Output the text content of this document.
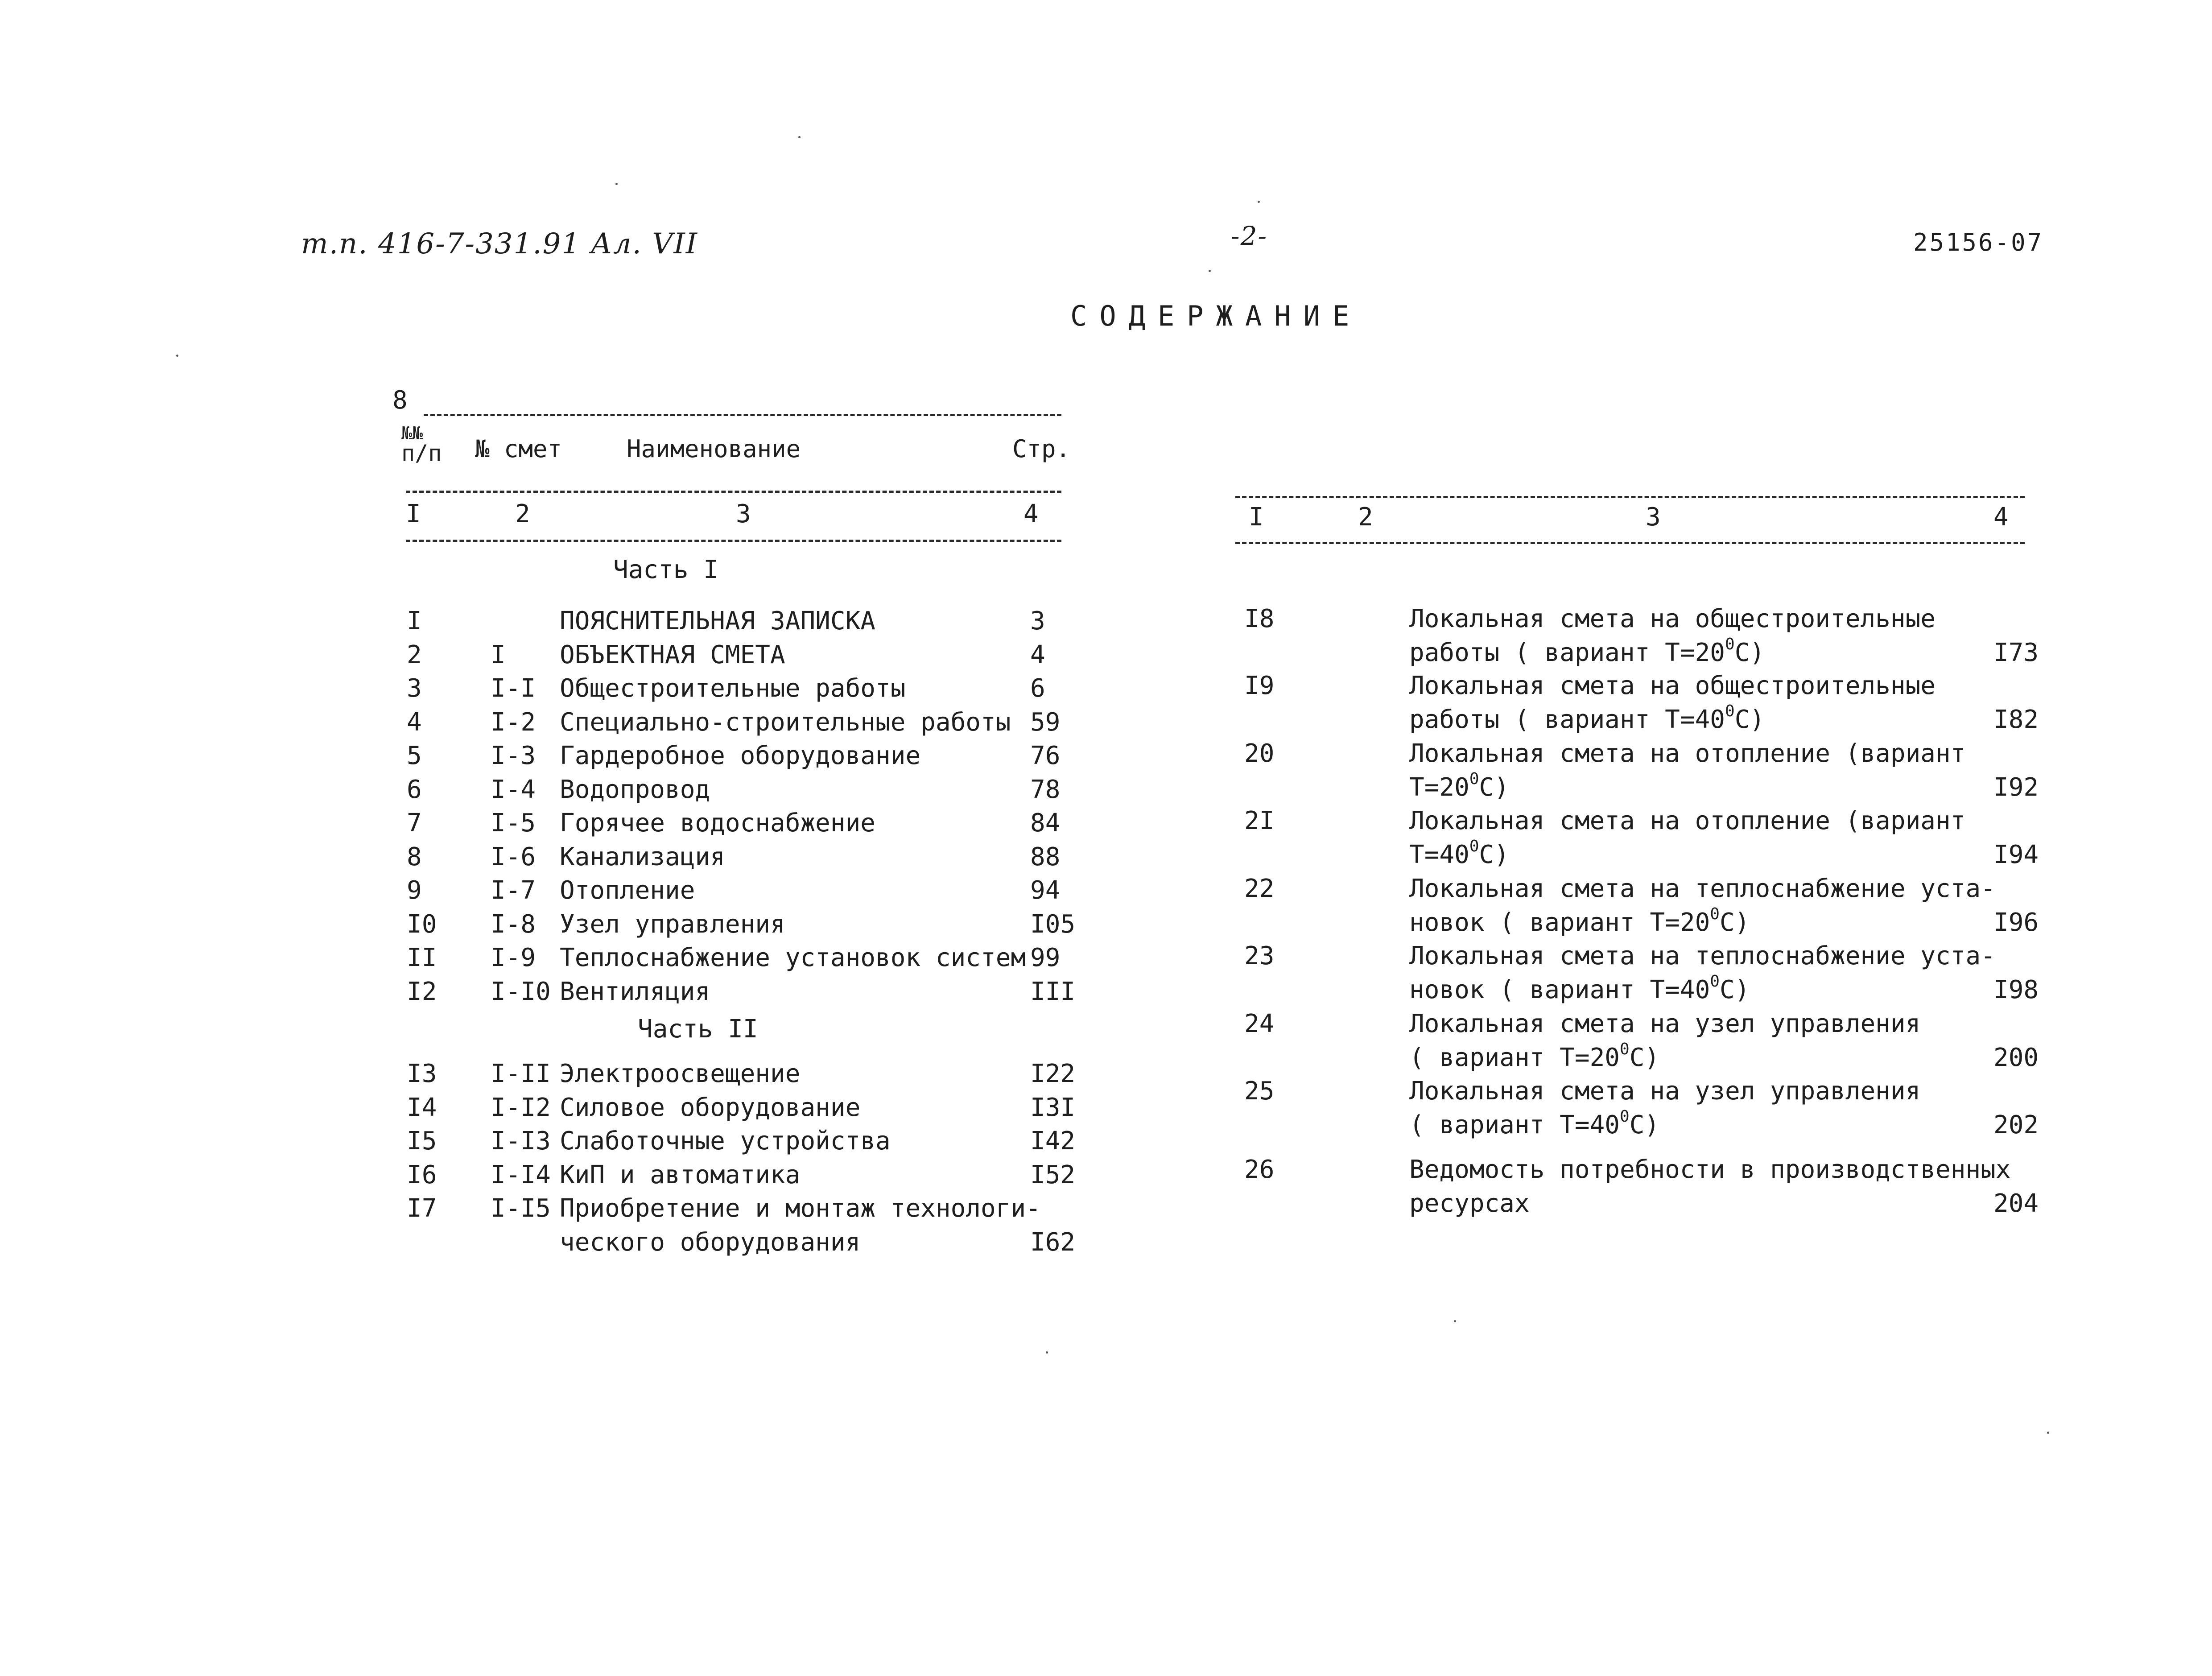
т.п. 416-7-331.91 Ал. VII	-2-	25156-07
СОДЕРЖАНИЕ
8
№№
п/п № смет	Наименование	Стр.
I	2	3	4
Часть I
I	ПОЯСНИТЕЛЬНАЯ ЗАПИСКА	3
2	I ОБЪЕКТНАЯ СМЕТА	4
3	I-I Общестроительные работы	6
4	I-2 Специально-строительные работы 59
5	I-3 Гардеробное оборудование	76
6	I-4 Водопровод	78
7	I-5 Горячее водоснабжение	84
8	I-6 Канализация	88
9	I-7 Отопление	94
I0 I-8 Узел управления	I05
II I-9 Теплоснабжение установок систем 99
I2 I-I0 Вентиляция	III
Часть II
I3 I-II Электроосвещение	I22
I4 I-I2 Силовое оборудование	I3I
I5 I-I3 Слаботочные устройства	I42
I6 I-I4 КиП и автоматика	I52
I7 I-I5 Приобретение и монтаж технологи-
ческого оборудования	I62
I	2	3	4
I8	Локальная смета на общестроительные
работы ( вариант $Т=20^0С$)	I73
I9	Локальная смета на общестроительные
работы ( вариант $Т=40^0С$)	I82
20	Локальная смета на отопление (вариант
$Т=20^0С$)	I92
2I	Локальная смета на отопление (вариант
$Т=40^0С$)	I94
22	Локальная смета на теплоснабжение уста-
новок ( вариант $Т=20^0С$)	I96
23	Локальная смета на теплоснабжение уста-
новок ( вариант $Т=40^0С$)	I98
24	Локальная смета на узел управления
( вариант $Т=20^0С$)	200
25	Локальная смета на узел управления
( вариант $Т=40^0С$)	202
26	Ведомость потребности в производственных
ресурсах	204
